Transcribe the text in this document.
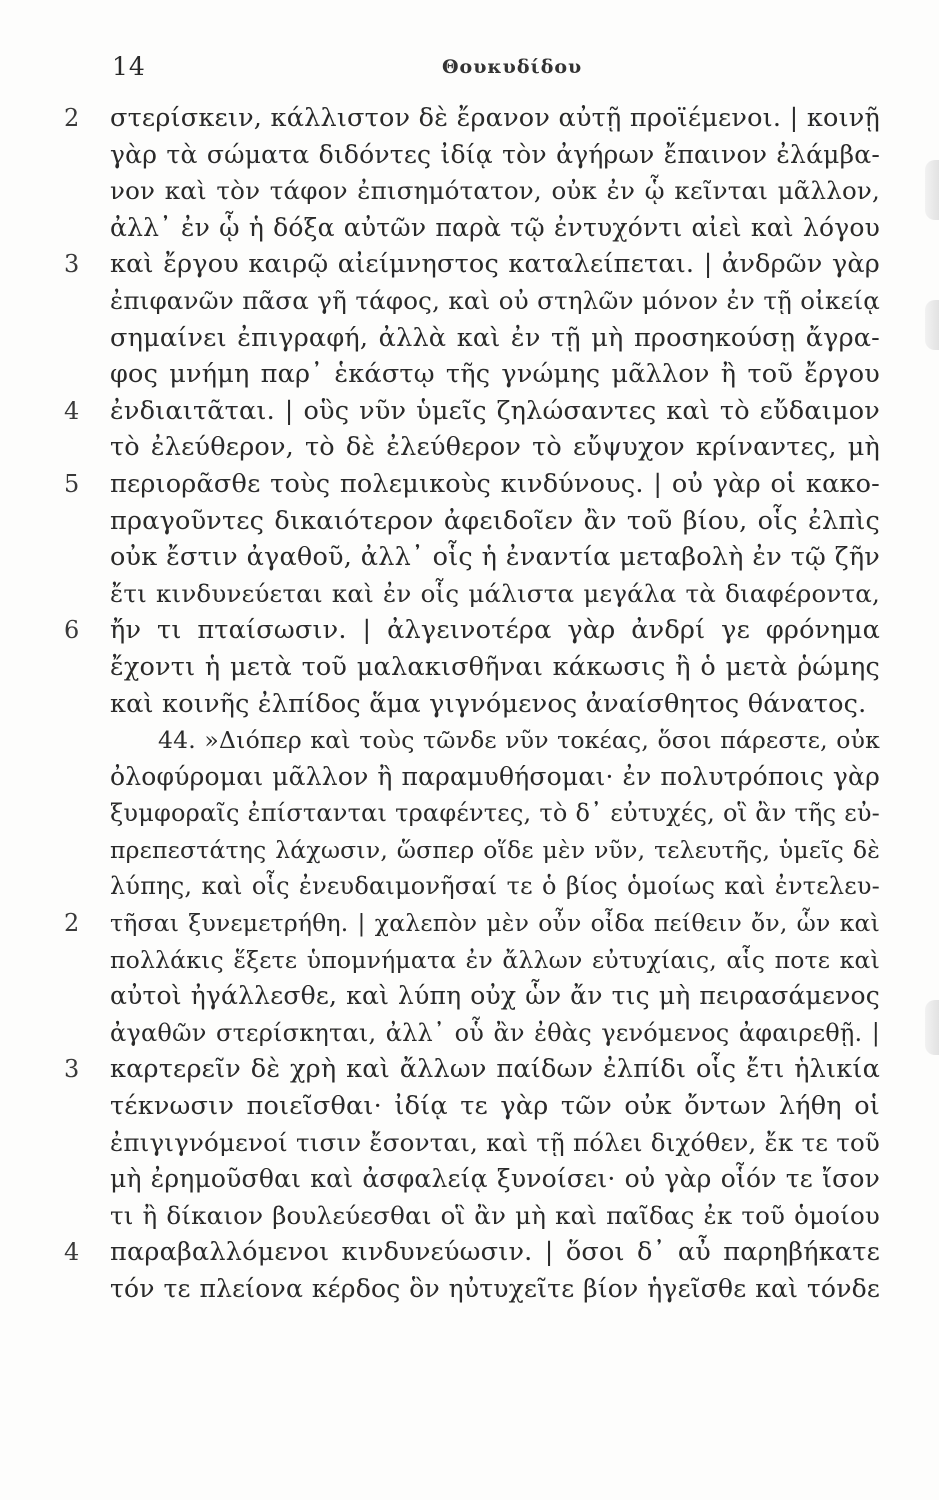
14	Θουκυδίδου
2	στερίσκειν, κάλλιστον δὲ ἔρανον αὐτῇ προϊέμενοι. | κοινῇ
γὰρ τὰ σώματα διδόντες ἰδίᾳ τὸν ἀγήρων ἔπαινον ἐλάμβα-
νον καὶ τὸν τάφον ἐπισημότατον, οὐκ ἐν ᾧ κεῖνται μᾶλλον,
ἀλλ᾽ ἐν ᾧ ἡ δόξα αὐτῶν παρὰ τῷ ἐντυχόντι αἰεὶ καὶ λόγου
3	καὶ ἔργου καιρῷ αἰείμνηστος καταλείπεται. | ἀνδρῶν γὰρ
ἐπιφανῶν πᾶσα γῆ τάφος, καὶ οὐ στηλῶν μόνον ἐν τῇ οἰκείᾳ
σημαίνει ἐπιγραφή, ἀλλὰ καὶ ἐν τῇ μὴ προσηκούσῃ ἄγρα-
φος μνήμη παρ᾽ ἑκάστῳ τῆς γνώμης μᾶλλον ἢ τοῦ ἔργου
4	ἐνδιαιτᾶται. | οὓς νῦν ὑμεῖς ζηλώσαντες καὶ τὸ εὔδαιμον
τὸ ἐλεύθερον, τὸ δὲ ἐλεύθερον τὸ εὔψυχον κρίναντες, μὴ
5	περιορᾶσθε τοὺς πολεμικοὺς κινδύνους. | οὐ γὰρ οἱ κακο-
πραγοῦντες δικαιότερον ἀφειδοῖεν ἂν τοῦ βίου, οἷς ἐλπὶς
οὐκ ἔστιν ἀγαθοῦ, ἀλλ᾽ οἷς ἡ ἐναντία μεταβολὴ ἐν τῷ ζῆν
ἔτι κινδυνεύεται καὶ ἐν οἷς μάλιστα μεγάλα τὰ διαφέροντα,
6	ἤν τι πταίσωσιν. | ἀλγεινοτέρα γὰρ ἀνδρί γε φρόνημα
ἔχοντι ἡ μετὰ τοῦ μαλακισθῆναι κάκωσις ἢ ὁ μετὰ ῥώμης
καὶ κοινῆς ἐλπίδος ἅμα γιγνόμενος ἀναίσθητος θάνατος.
44. »Διόπερ καὶ τοὺς τῶνδε νῦν τοκέας, ὅσοι πάρεστε, οὐκ
ὀλοφύρομαι μᾶλλον ἢ παραμυθήσομαι· ἐν πολυτρόποις γὰρ
ξυμφοραῖς ἐπίστανται τραφέντες, τὸ δ᾽ εὐτυχές, οἳ ἂν τῆς εὐ-
πρεπεστάτης λάχωσιν, ὥσπερ οἵδε μὲν νῦν, τελευτῆς, ὑμεῖς δὲ
λύπης, καὶ οἷς ἐνευδαιμονῆσαί τε ὁ βίος ὁμοίως καὶ ἐντελευ-
2	τῆσαι ξυνεμετρήθη. | χαλεπὸν μὲν οὖν οἶδα πείθειν ὄν, ὧν καὶ
πολλάκις ἕξετε ὑπομνήματα ἐν ἄλλων εὐτυχίαις, αἷς ποτε καὶ
αὐτοὶ ἠγάλλεσθε, καὶ λύπη οὐχ ὧν ἄν τις μὴ πειρασάμενος
ἀγαθῶν στερίσκηται, ἀλλ᾽ οὗ ἂν ἐθὰς γενόμενος ἀφαιρεθῇ. |
3	καρτερεῖν δὲ χρὴ καὶ ἄλλων παίδων ἐλπίδι οἷς ἔτι ἡλικία
τέκνωσιν ποιεῖσθαι· ἰδίᾳ τε γὰρ τῶν οὐκ ὄντων λήθη οἱ
ἐπιγιγνόμενοί τισιν ἔσονται, καὶ τῇ πόλει διχόθεν, ἔκ τε τοῦ
μὴ ἐρημοῦσθαι καὶ ἀσφαλείᾳ ξυνοίσει· οὐ γὰρ οἷόν τε ἴσον
τι ἢ δίκαιον βουλεύεσθαι οἳ ἂν μὴ καὶ παῖδας ἐκ τοῦ ὁμοίου
4	παραβαλλόμενοι κινδυνεύωσιν. | ὅσοι δ᾽ αὖ παρηβήκατε
τόν τε πλείονα κέρδος ὃν ηὐτυχεῖτε βίον ἡγεῖσθε καὶ τόνδε
